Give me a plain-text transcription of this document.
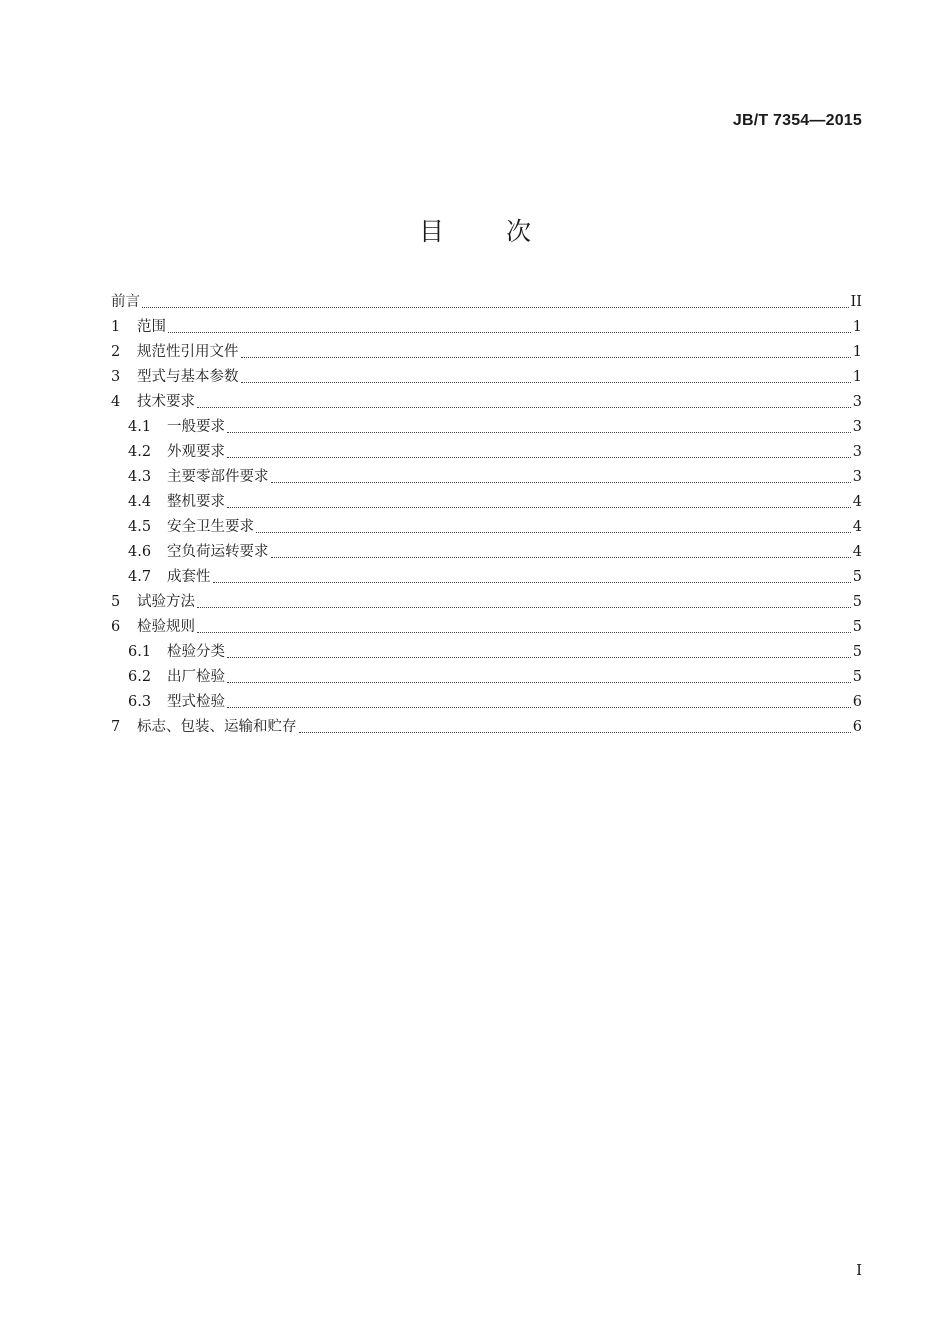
JB/T 7354—2015
目 次
前言	II
1	范围	1
2	规范性引用文件	1
3	型式与基本参数	1
4	技术要求	3
4.1	一般要求	3
4.2	外观要求	3
4.3	主要零部件要求	3
4.4	整机要求	4
4.5	安全卫生要求	4
4.6	空负荷运转要求	4
4.7	成套性	5
5	试验方法	5
6	检验规则	5
6.1	检验分类	5
6.2	出厂检验	5
6.3	型式检验	6
7	标志、包装、运输和贮存	6
I
